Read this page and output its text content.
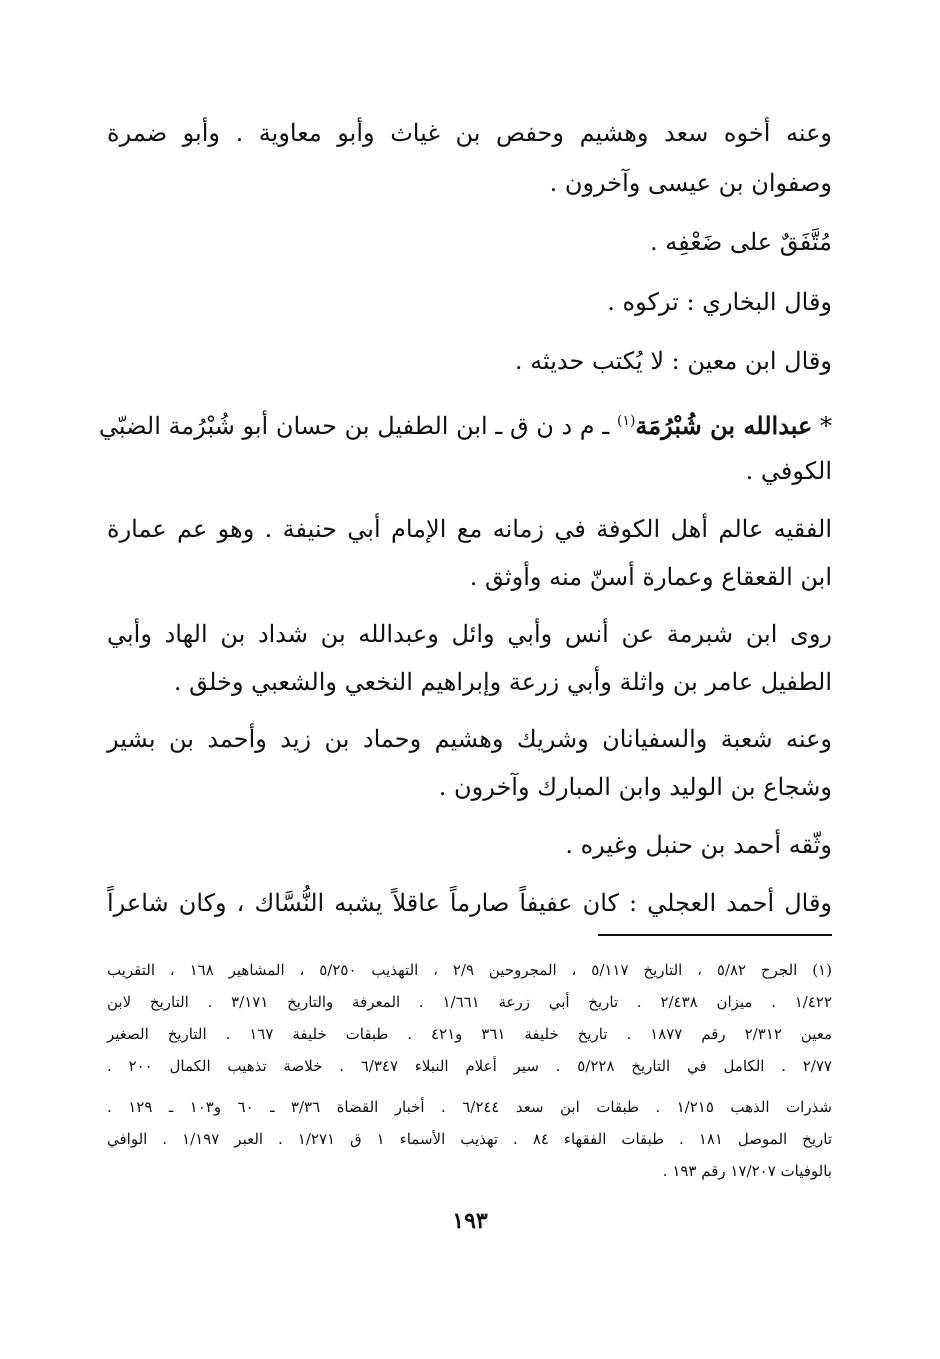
وعنه أخوه سعد وهشيم وحفص بن غياث وأبو معاوية . وأبو ضمرة
وصفوان بن عيسى وآخرون .
مُتَّفَقٌ على ضَعْفِه .
وقال البخاري : تركوه .
وقال ابن معين : لا يُكتب حديثه .
* عبدالله بن شُبْرُمَة$^{(١)}$ ـ م د ن ق ـ ابن الطفيل بن حسان أبو شُبْرُمة الضبّي
الكوفي .
الفقيه عالم أهل الكوفة في زمانه مع الإمام أبي حنيفة . وهو عم عمارة
ابن القعقاع وعمارة أسنّ منه وأوثق .
روى ابن شبرمة عن أنس وأبي وائل وعبدالله بن شداد بن الهاد وأبي
الطفيل عامر بن واثلة وأبي زرعة وإبراهيم النخعي والشعبي وخلق .
وعنه شعبة والسفيانان وشريك وهشيم وحماد بن زيد وأحمد بن بشير
وشجاع بن الوليد وابن المبارك وآخرون .
وثّقه أحمد بن حنبل وغيره .
وقال أحمد العجلي : كان عفيفاً صارماً عاقلاً يشبه النُّسَّاك ، وكان شاعراً
(١) الجرح ٥/٨٢ ، التاريخ ٥/١١٧ ، المجروحين ٢/٩ ، التهذيب ٥/٢٥٠ ، المشاهير ١٦٨ ، التقريب
١/٤٢٢ . ميزان ٢/٤٣٨ . تاريخ أبي زرعة ١/٦٦١ . المعرفة والتاريخ ٣/١٧١ . التاريخ لابن
معين ٢/٣١٢ رقم ١٨٧٧ . تاريخ خليفة ٣٦١ و٤٢١ . طبقات خليفة ١٦٧ . التاريخ الصغير
٢/٧٧ . الكامل في التاريخ ٥/٢٢٨ . سير أعلام النبلاء ٦/٣٤٧ . خلاصة تذهيب الكمال ٢٠٠ .
شذرات الذهب ١/٢١٥ . طبقات ابن سعد ٦/٢٤٤ . أخبار القضاة ٣/٣٦ ـ ٦٠ و١٠٣ ـ ١٢٩ .
تاريخ الموصل ١٨١ . طبقات الفقهاء ٨٤ . تهذيب الأسماء ١ ق ١/٢٧١ . العبر ١/١٩٧ . الوافي
بالوفيات ١٧/٢٠٧ رقم ١٩٣ .
١٩٣
